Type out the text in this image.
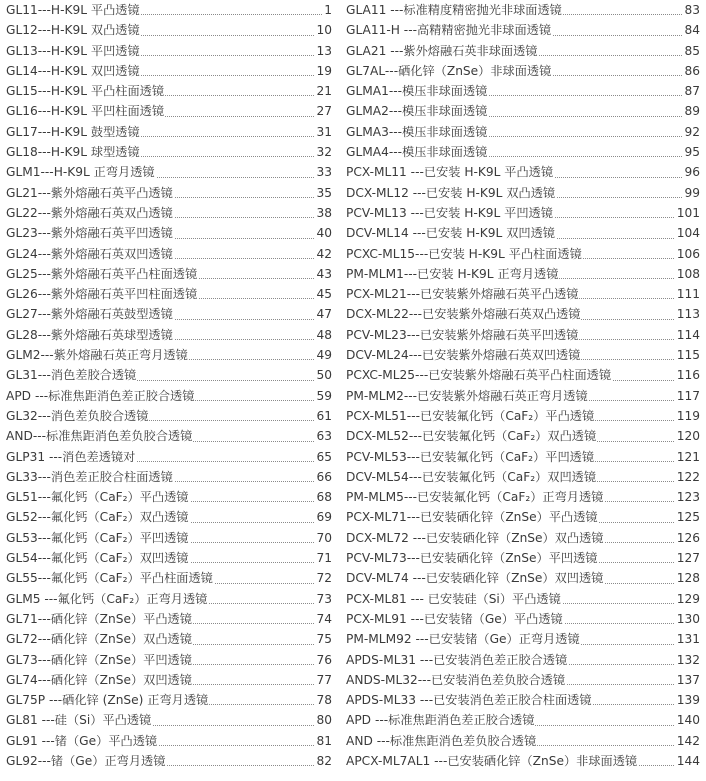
GL11---H-K9L 平凸透镜	1
GL12---H-K9L 双凸透镜	10
GL13---H-K9L 平凹透镜	13
GL14---H-K9L 双凹透镜	19
GL15---H-K9L 平凸柱面透镜	21
GL16---H-K9L 平凹柱面透镜	27
GL17---H-K9L 鼓型透镜	31
GL18---H-K9L 球型透镜	32
GLM1---H-K9L 正弯月透镜	33
GL21---紫外熔融石英平凸透镜	35
GL22---紫外熔融石英双凸透镜	38
GL23---紫外熔融石英平凹透镜	40
GL24---紫外熔融石英双凹透镜	42
GL25---紫外熔融石英平凸柱面透镜	43
GL26---紫外熔融石英平凹柱面透镜	45
GL27---紫外熔融石英鼓型透镜	47
GL28---紫外熔融石英球型透镜	48
GLM2---紫外熔融石英正弯月透镜	49
GL31---消色差胶合透镜	50
APD ---标准焦距消色差正胶合透镜	59
GL32---消色差负胶合透镜	61
AND---标准焦距消色差负胶合透镜	63
GLP31 ---消色差透镜对	65
GL33---消色差正胶合柱面透镜	66
GL51---氟化钙（CaF₂）平凸透镜	68
GL52---氟化钙（CaF₂）双凸透镜	69
GL53---氟化钙（CaF₂）平凹透镜	70
GL54---氟化钙（CaF₂）双凹透镜	71
GL55---氟化钙（CaF₂）平凸柱面透镜	72
GLM5 ---氟化钙（CaF₂）正弯月透镜	73
GL71---硒化锌（ZnSe）平凸透镜	74
GL72---硒化锌（ZnSe）双凸透镜	75
GL73---硒化锌（ZnSe）平凹透镜	76
GL74---硒化锌（ZnSe）双凹透镜	77
GL75P ---硒化锌 (ZnSe) 正弯月透镜	78
GL81 ---硅（Si）平凸透镜	80
GL91 ---锗（Ge）平凸透镜	81
GL92---锗（Ge）正弯月透镜	82
GLA11 ---标准精度精密抛光非球面透镜	83
GLA11-H ---高精精密抛光非球面透镜	84
GLA21 ---紫外熔融石英非球面透镜	85
GL7AL---硒化锌（ZnSe）非球面透镜	86
GLMA1---模压非球面透镜	87
GLMA2---模压非球面透镜	89
GLMA3---模压非球面透镜	92
GLMA4---模压非球面透镜	95
PCX-ML11 ---已安装 H-K9L 平凸透镜	96
DCX-ML12 ---已安装 H-K9L 双凸透镜	99
PCV-ML13 ---已安装 H-K9L 平凹透镜	101
DCV-ML14 ---已安装 H-K9L 双凹透镜	104
PCXC-ML15---已安装 H-K9L 平凸柱面透镜	106
PM-MLM1---已安装 H-K9L 正弯月透镜	108
PCX-ML21---已安装紫外熔融石英平凸透镜	111
DCX-ML22---已安装紫外熔融石英双凸透镜	113
PCV-ML23---已安装紫外熔融石英平凹透镜	114
DCV-ML24---已安装紫外熔融石英双凹透镜	115
PCXC-ML25---已安装紫外熔融石英平凸柱面透镜	116
PM-MLM2---已安装紫外熔融石英正弯月透镜	117
PCX-ML51---已安装氟化钙（CaF₂）平凸透镜	119
DCX-ML52---已安装氟化钙（CaF₂）双凸透镜	120
PCV-ML53---已安装氟化钙（CaF₂）平凹透镜	121
DCV-ML54---已安装氟化钙（CaF₂）双凹透镜	122
PM-MLM5---已安装氟化钙（CaF₂）正弯月透镜	123
PCX-ML71---已安装硒化锌（ZnSe）平凸透镜	125
DCX-ML72 ---已安装硒化锌（ZnSe）双凸透镜	126
PCV-ML73---已安装硒化锌（ZnSe）平凹透镜	127
DCV-ML74 ---已安装硒化锌（ZnSe）双凹透镜	128
PCX-ML81 --- 已安装硅（Si）平凸透镜	129
PCX-ML91 ---已安装锗（Ge）平凸透镜	130
PM-MLM92 ---已安装锗（Ge）正弯月透镜	131
APDS-ML31 ---已安装消色差正胶合透镜	132
ANDS-ML32---已安装消色差负胶合透镜	137
APDS-ML33 ---已安装消色差正胶合柱面透镜	139
APD ---标准焦距消色差正胶合透镜	140
AND ---标准焦距消色差负胶合透镜	142
APCX-ML7AL1 ---已安装硒化锌（ZnSe）非球面透镜	144
